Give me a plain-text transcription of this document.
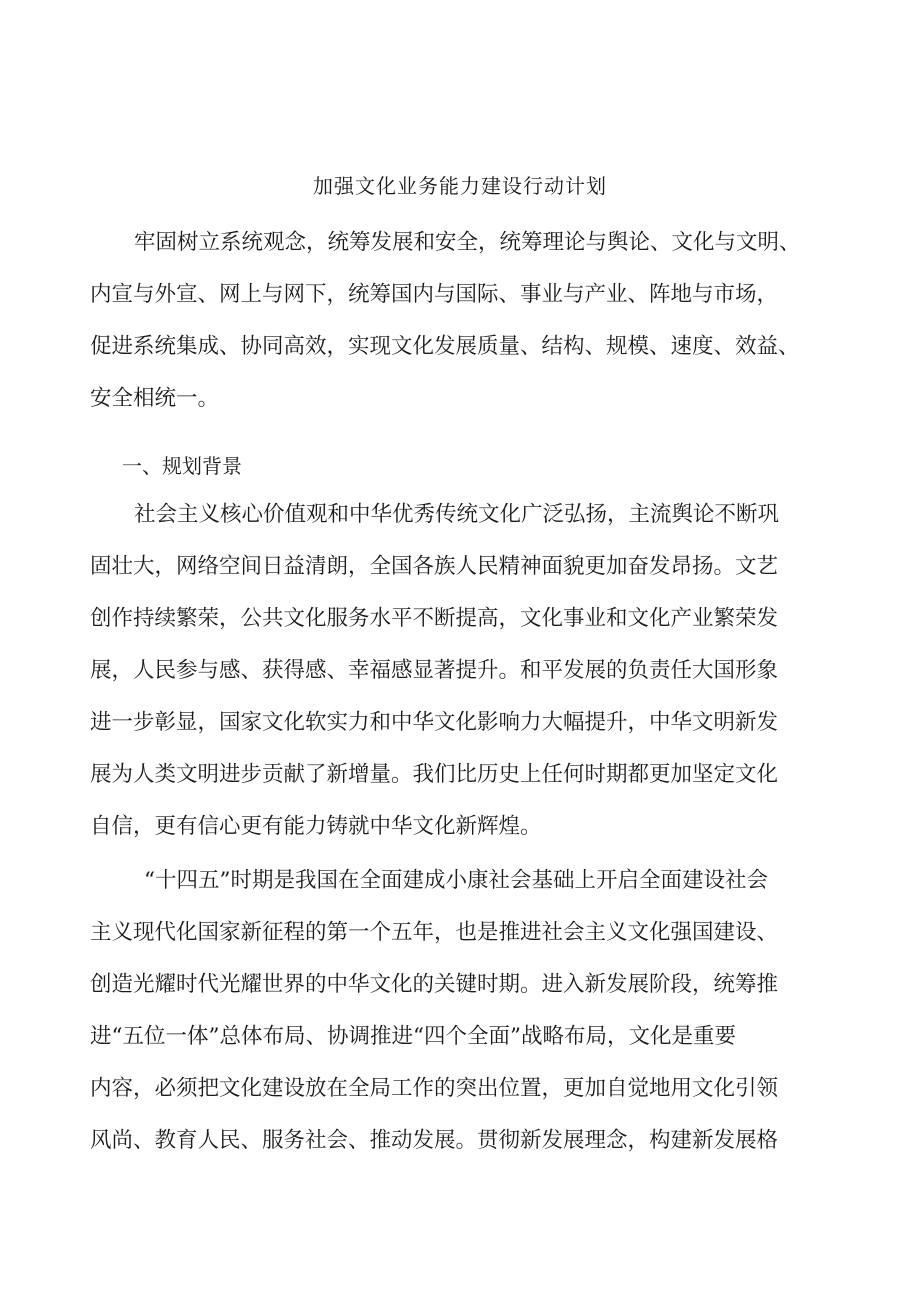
加强文化业务能力建设行动计划

牢固树立系统观念，统筹发展和安全，统筹理论与舆论、文化与文明、

内宣与外宣、网上与网下，统筹国内与国际、事业与产业、阵地与市场，

促进系统集成、协同高效，实现文化发展质量、结构、规模、速度、效益、

安全相统一。

一、规划背景

社会主义核心价值观和中华优秀传统文化广泛弘扬，主流舆论不断巩

固壮大，网络空间日益清朗，全国各族人民精神面貌更加奋发昂扬。文艺

创作持续繁荣，公共文化服务水平不断提高，文化事业和文化产业繁荣发

展，人民参与感、获得感、幸福感显著提升。和平发展的负责任大国形象

进一步彰显，国家文化软实力和中华文化影响力大幅提升，中华文明新发

展为人类文明进步贡献了新增量。我们比历史上任何时期都更加坚定文化

自信，更有信心更有能力铸就中华文化新辉煌。

“十四五”时期是我国在全面建成小康社会基础上开启全面建设社会

主义现代化国家新征程的第一个五年，也是推进社会主义文化强国建设、

创造光耀时代光耀世界的中华文化的关键时期。进入新发展阶段，统筹推

进“五位一体”总体布局、协调推进“四个全面”战略布局，文化是重要

内容，必须把文化建设放在全局工作的突出位置，更加自觉地用文化引领

风尚、教育人民、服务社会、推动发展。贯彻新发展理念，构建新发展格
